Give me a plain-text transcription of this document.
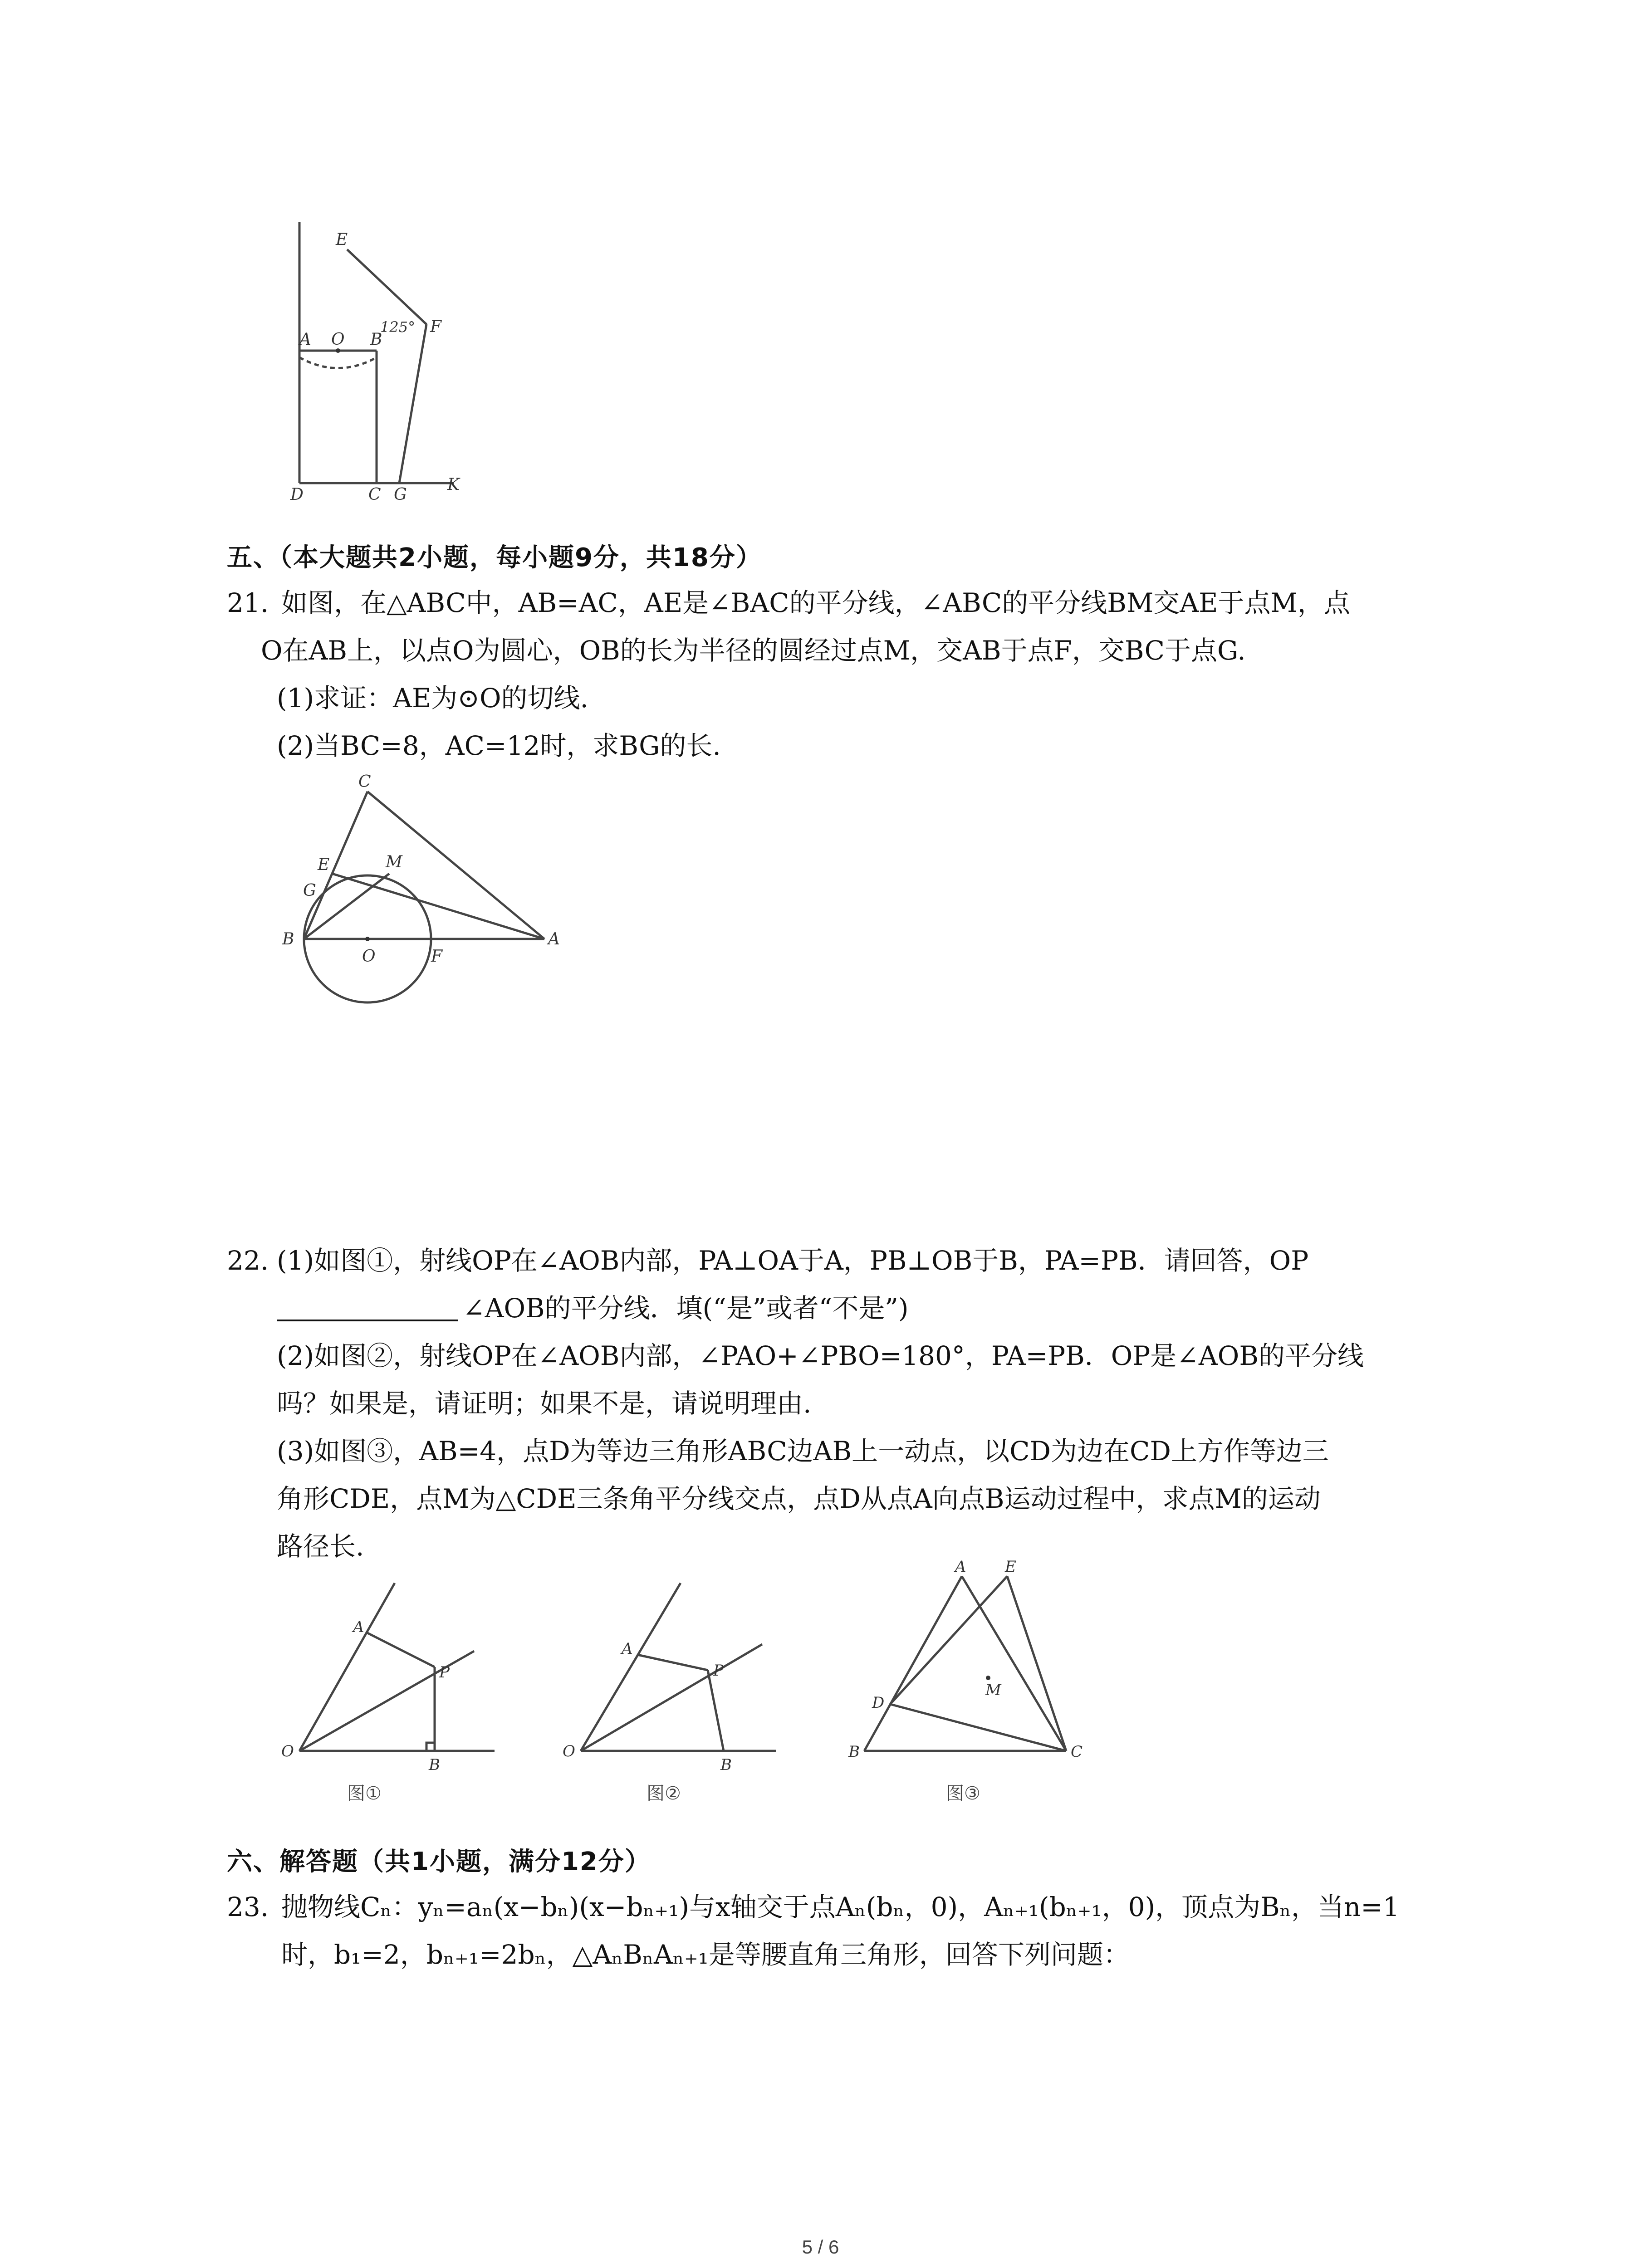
E
125° F
A O B
D	C G
K
五、（本大题共2小题，每小题9分，共18分）
21. 如图，在△ABC中，AB=AC，AE是∠BAC的平分线，∠ABC的平分线BM交AE于点M，点
O在AB上，以点O为圆心，OB的长为半径的圆经过点M，交AB于点F，交BC于点G.
(1)求证：AE为⊙O的切线.
(2)当BC=8，AC=12时，求BG的长.
C
E	M
G
B
O	F
A
22. (1)如图①，射线OP在∠AOB内部，PA⊥OA于A，PB⊥OB于B，PA=PB．请回答，OP
∠AOB的平分线．填(“是”或者“不是”)
(2)如图②，射线OP在∠AOB内部，∠PAO+∠PBO=180°，PA=PB．OP是∠AOB的平分线
吗？如果是，请证明；如果不是，请说明理由.
(3)如图③，AB=4，点D为等边三角形ABC边AB上一动点，以CD为边在CD上方作等边三
角形CDE，点M为△CDE三条角平分线交点，点D从点A向点B运动过程中，求点M的运动
路径长.
A
P
O
B
图①
A
P
O
B
图②
A	E
D
M
B	C
图③
六、解答题（共1小题，满分12分）
23. 抛物线Cₙ：yₙ=aₙ(x−bₙ)(x−bₙ₊₁)与x轴交于点Aₙ(bₙ，0)，Aₙ₊₁(bₙ₊₁，0)，顶点为Bₙ，当n=1
时，b₁=2，bₙ₊₁=2bₙ，△AₙBₙAₙ₊₁是等腰直角三角形，回答下列问题：
5 / 6
